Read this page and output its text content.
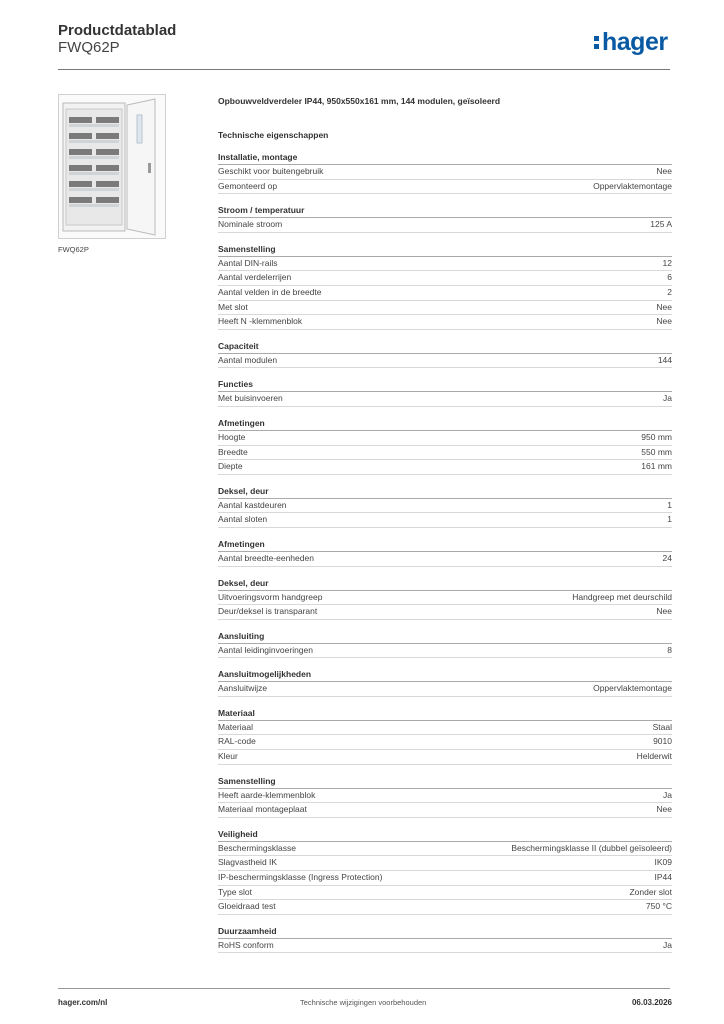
Productdatablad
FWQ62P	hager
FWQ62P
Opbouwveldverdeler IP44, 950x550x161 mm, 144 modulen, geïsoleerd
Technische eigenschappen
Installatie, montage
Geschikt voor buitengebruik	Nee
Gemonteerd op	Oppervlaktemontage
Stroom / temperatuur
Nominale stroom	125 A
Samenstelling
Aantal DIN-rails	12
Aantal verdelerrijen	6
Aantal velden in de breedte	2
Met slot	Nee
Heeft N -klemmenblok	Nee
Capaciteit
Aantal modulen	144
Functies
Met buisinvoeren	Ja
Afmetingen
Hoogte	950 mm
Breedte	550 mm
Diepte	161 mm
Deksel, deur
Aantal kastdeuren	1
Aantal sloten	1
Afmetingen
Aantal breedte-eenheden	24
Deksel, deur
Uitvoeringsvorm handgreep	Handgreep met deurschild
Deur/deksel is transparant	Nee
Aansluiting
Aantal leidinginvoeringen	8
Aansluitmogelijkheden
Aansluitwijze	Oppervlaktemontage
Materiaal
Materiaal	Staal
RAL-code	9010
Kleur	Helderwit
Samenstelling
Heeft aarde-klemmenblok	Ja
Materiaal montageplaat	Nee
Veiligheid
Beschermingsklasse	Beschermingsklasse II (dubbel geïsoleerd)
Slagvastheid IK	IK09
IP-beschermingsklasse (Ingress Protection)	IP44
Type slot	Zonder slot
Gloeidraad test	750 °C
Duurzaamheid
RoHS conform	Ja
hager.com/nl	Technische wijzigingen voorbehouden	06.03.2026
